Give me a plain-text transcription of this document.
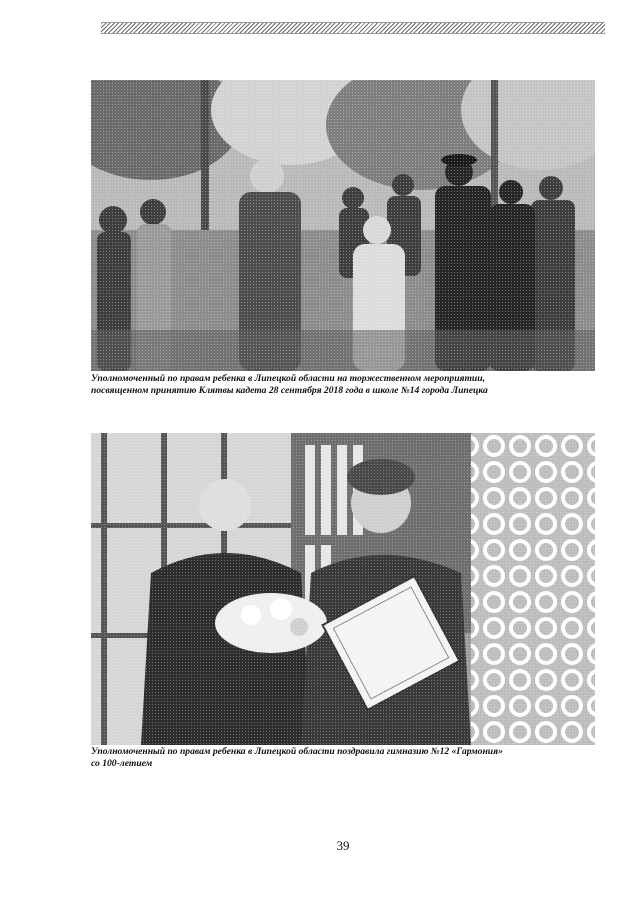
Уполномоченный по правам ребенка в Липецкой области на торжественном мероприятии,
посвященном принятию Клятвы кадета 28 сентября 2018 года в школе №14 города Липецка
Уполномоченный по правам ребенка в Липецкой области поздравила гимназию №12 «Гармония»
со 100-летием
39
